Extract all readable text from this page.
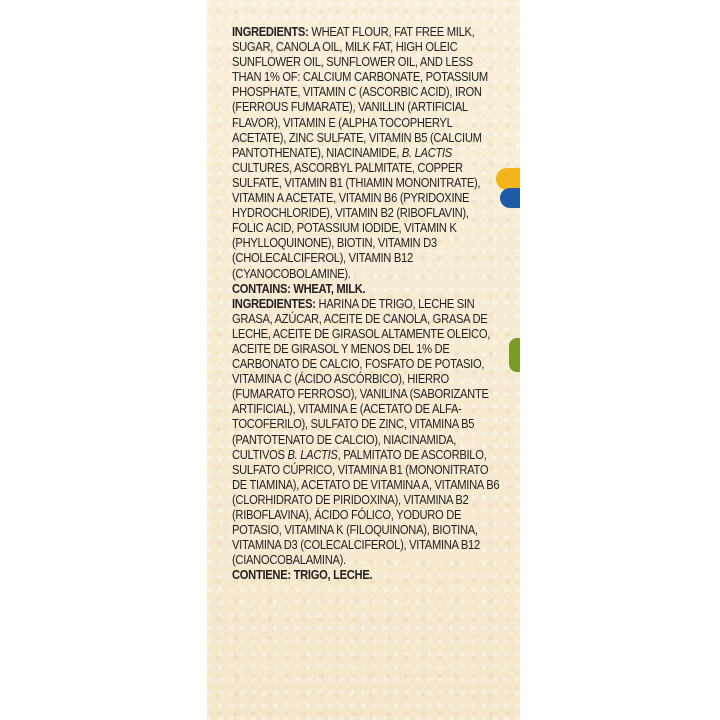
INGREDIENTS: WHEAT FLOUR, FAT FREE MILK, SUGAR, CANOLA OIL, MILK FAT, HIGH OLEIC SUNFLOWER OIL, SUNFLOWER OIL, AND LESS THAN 1% OF: CALCIUM CARBONATE, POTASSIUM PHOSPHATE, VITAMIN C (ASCORBIC ACID), IRON (FERROUS FUMARATE), VANILLIN (ARTIFICIAL FLAVOR), VITAMIN E (ALPHA TOCOPHERYL ACETATE), ZINC SULFATE, VITAMIN B5 (CALCIUM PANTOTHENATE), NIACINAMIDE, B. LACTIS CULTURES, ASCORBYL PALMITATE, COPPER SULFATE, VITAMIN B1 (THIAMIN MONONITRATE), VITAMIN A ACETATE, VITAMIN B6 (PYRIDOXINE HYDROCHLORIDE), VITAMIN B2 (RIBOFLAVIN), FOLIC ACID, POTASSIUM IODIDE, VITAMIN K (PHYLLOQUINONE), BIOTIN, VITAMIN D3 (CHOLECALCIFEROL), VITAMIN B12 (CYANOCOBOLAMINE).

CONTAINS: WHEAT, MILK.

INGREDIENTES: HARINA DE TRIGO, LECHE SIN GRASA, AZÚCAR, ACEITE DE CANOLA, GRASA DE LECHE, ACEITE DE GIRASOL ALTAMENTE OLEICO, ACEITE DE GIRASOL Y MENOS DEL 1% DE CARBONATO DE CALCIO, FOSFATO DE POTASIO, VITAMINA C (ÁCIDO ASCÓRBICO), HIERRO (FUMARATO FERROSO), VANILINA (SABORIZANTE ARTIFICIAL), VITAMINA E (ACETATO DE ALFA-TOCOFERILO), SULFATO DE ZINC, VITAMINA B5 (PANTOTENATO DE CALCIO), NIACINAMIDA, CULTIVOS B. LACTIS, PALMITATO DE ASCORBILO, SULFATO CÚPRICO, VITAMINA B1 (MONONITRATO DE TIAMINA), ACETATO DE VITAMINA A, VITAMINA B6 (CLORHIDRATO DE PIRIDOXINA), VITAMINA B2 (RIBOFLAVINA), ÁCIDO FÓLICO, YODURO DE POTASIO, VITAMINA K (FILOQUINONA), BIOTINA, VITAMINA D3 (COLECALCIFEROL), VITAMINA B12 (CIANOCOBALAMINA).

CONTIENE: TRIGO, LECHE.
